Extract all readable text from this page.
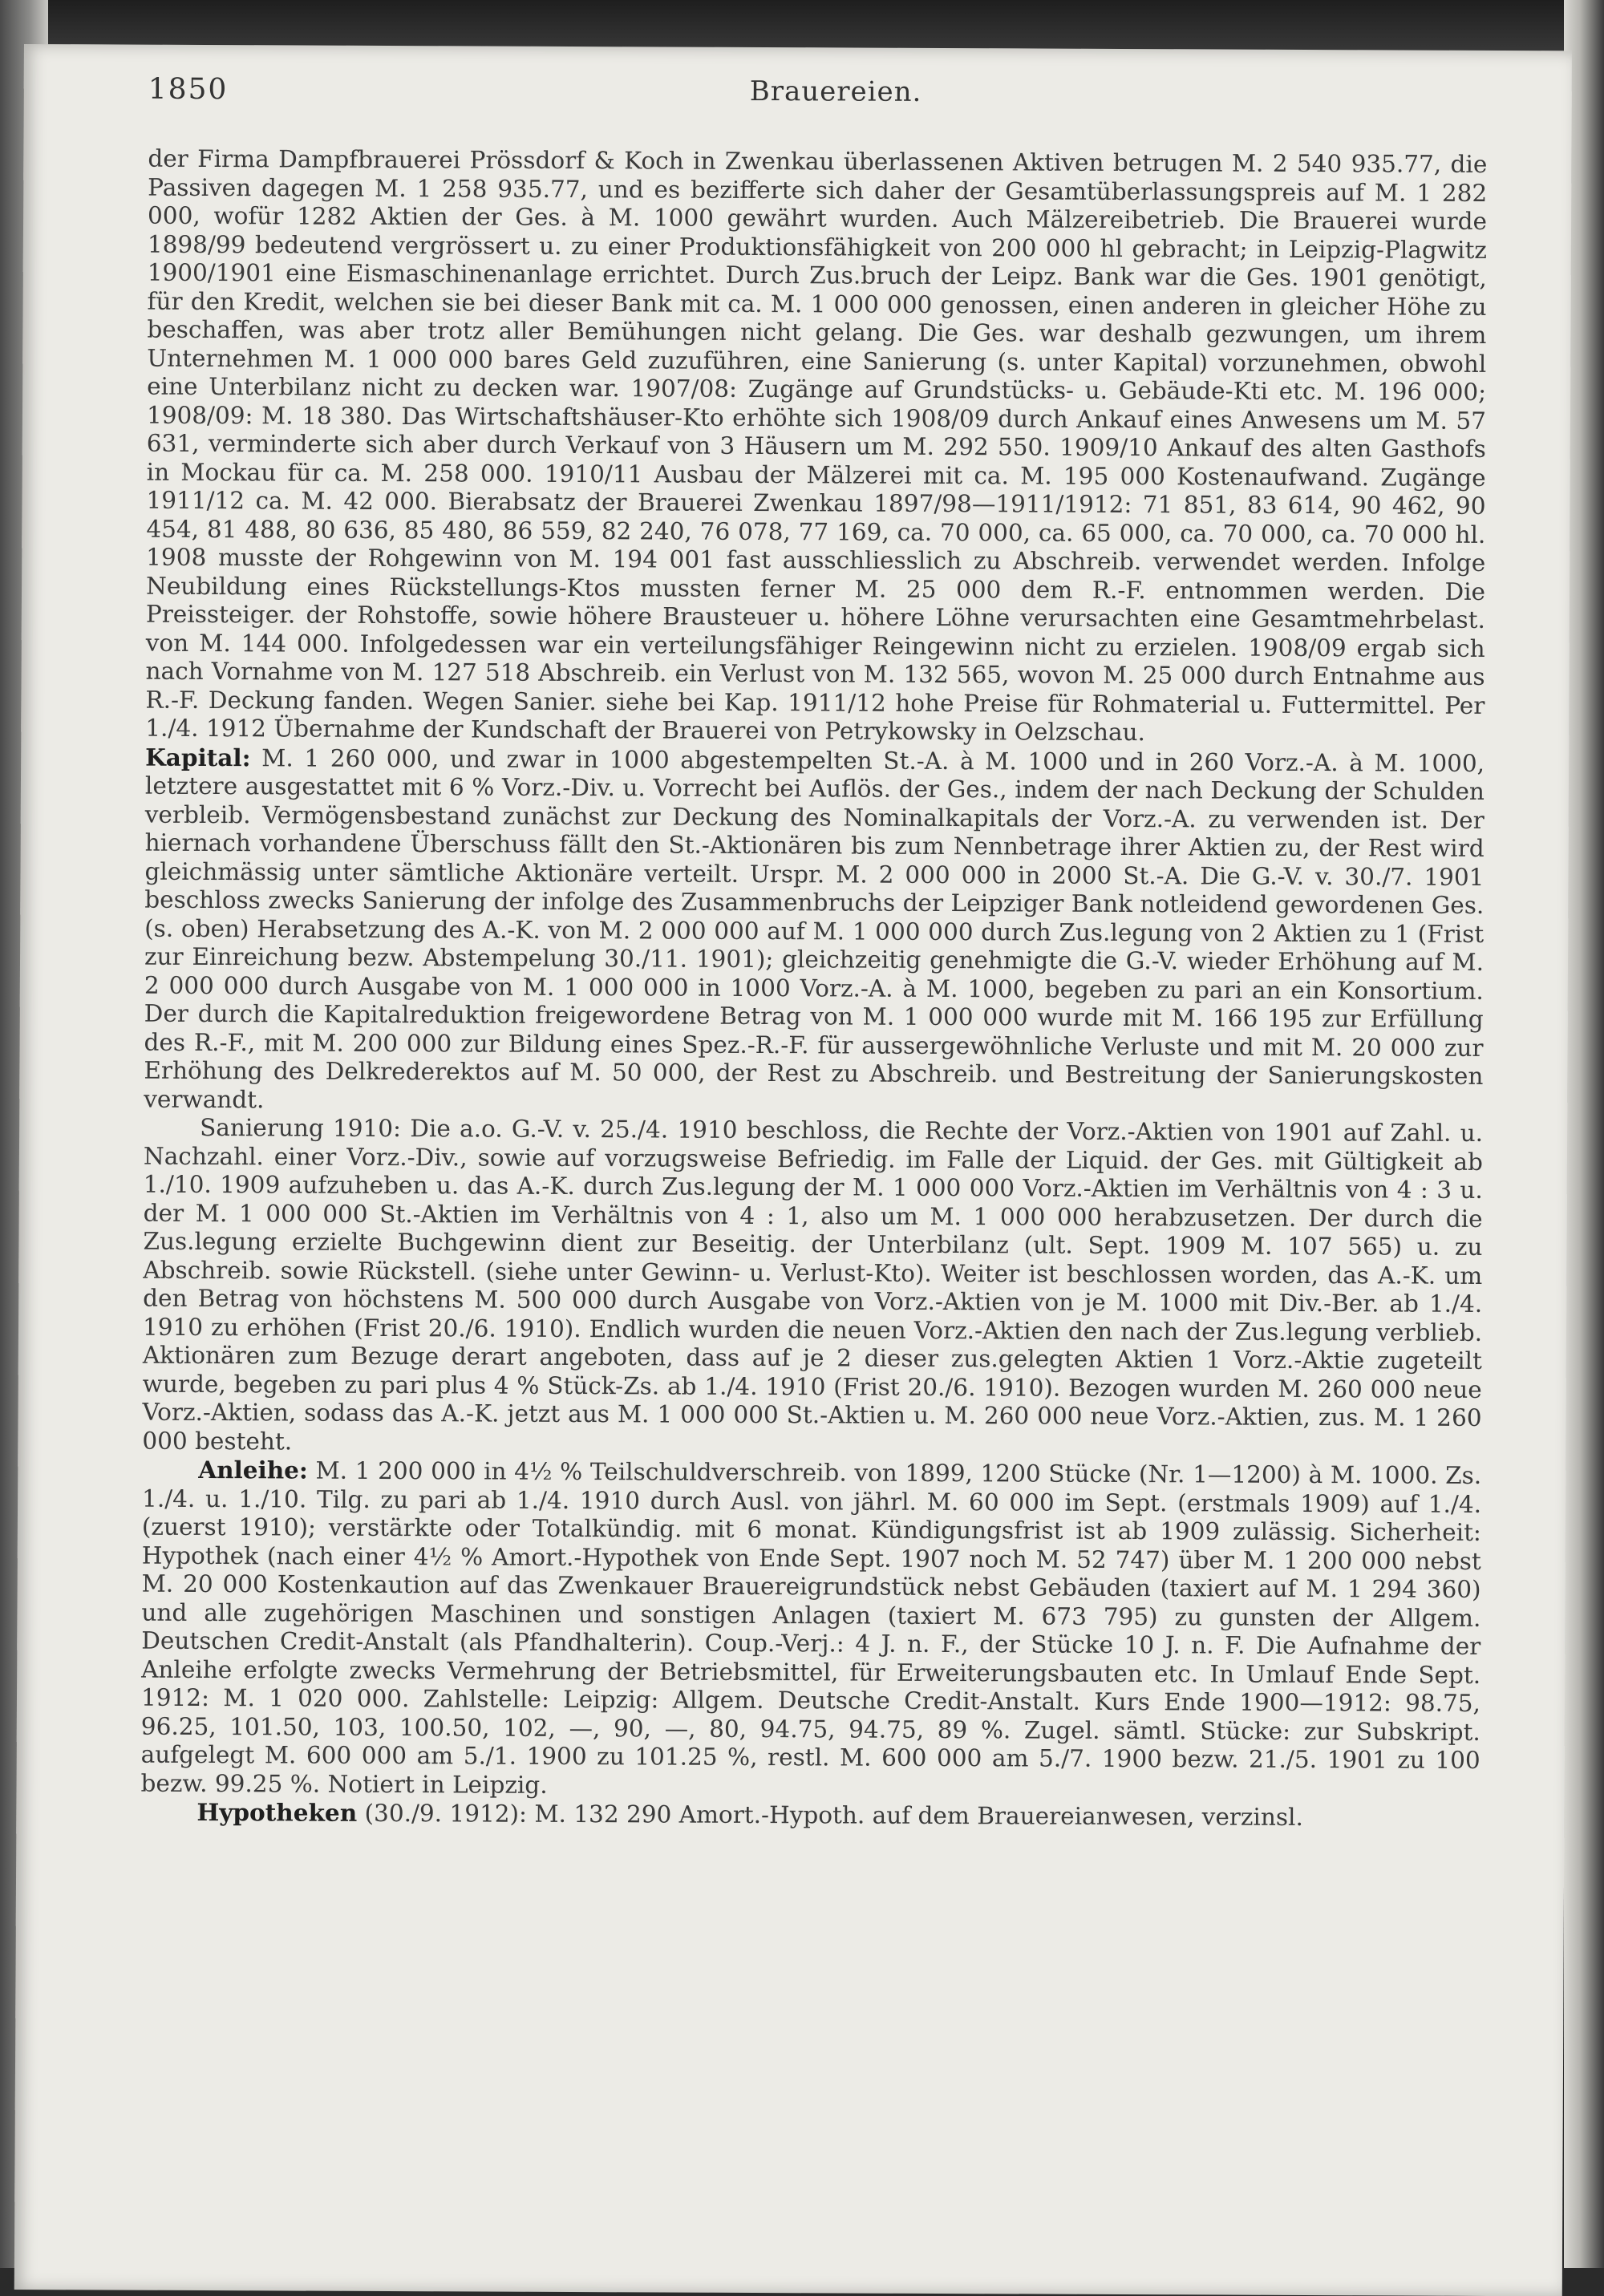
1850	Brauereien.

der Firma Dampfbrauerei Prössdorf & Koch in Zwenkau überlassenen Aktiven betrugen M. 2 540 935.77, die Passiven dagegen M. 1 258 935.77, und es bezifferte sich daher der Gesamtüberlassungspreis auf M. 1 282 000, wofür 1282 Aktien der Ges. à M. 1000 gewährt wurden. Auch Mälzereibetrieb. Die Brauerei wurde 1898/99 bedeutend vergrössert u. zu einer Produktionsfähigkeit von 200 000 hl gebracht; in Leipzig-Plagwitz 1900/1901 eine Eismaschinenanlage errichtet. Durch Zus.bruch der Leipz. Bank war die Ges. 1901 genötigt, für den Kredit, welchen sie bei dieser Bank mit ca. M. 1 000 000 genossen, einen anderen in gleicher Höhe zu beschaffen, was aber trotz aller Bemühungen nicht gelang. Die Ges. war deshalb gezwungen, um ihrem Unternehmen M. 1 000 000 bares Geld zuzuführen, eine Sanierung (s. unter Kapital) vorzunehmen, obwohl eine Unterbilanz nicht zu decken war. 1907/08: Zugänge auf Grundstücks- u. Gebäude-Kti etc. M. 196 000; 1908/09: M. 18 380. Das Wirtschaftshäuser-Kto erhöhte sich 1908/09 durch Ankauf eines Anwesens um M. 57 631, verminderte sich aber durch Verkauf von 3 Häusern um M. 292 550. 1909/10 Ankauf des alten Gasthofs in Mockau für ca. M. 258 000. 1910/11 Ausbau der Mälzerei mit ca. M. 195 000 Kostenaufwand. Zugänge 1911/12 ca. M. 42 000. Bierabsatz der Brauerei Zwenkau 1897/98—1911/1912: 71 851, 83 614, 90 462, 90 454, 81 488, 80 636, 85 480, 86 559, 82 240, 76 078, 77 169, ca. 70 000, ca. 65 000, ca. 70 000, ca. 70 000 hl. 1908 musste der Rohgewinn von M. 194 001 fast ausschliesslich zu Abschreib. verwendet werden. Infolge Neubildung eines Rückstellungs-Ktos mussten ferner M. 25 000 dem R.-F. entnommen werden. Die Preissteiger. der Rohstoffe, sowie höhere Brausteuer u. höhere Löhne verursachten eine Gesamtmehrbelast. von M. 144 000. Infolgedessen war ein verteilungsfähiger Reingewinn nicht zu erzielen. 1908/09 ergab sich nach Vornahme von M. 127 518 Abschreib. ein Verlust von M. 132 565, wovon M. 25 000 durch Entnahme aus R.-F. Deckung fanden. Wegen Sanier. siehe bei Kap. 1911/12 hohe Preise für Rohmaterial u. Futtermittel. Per 1./4. 1912 Übernahme der Kundschaft der Brauerei von Petrykowsky in Oelzschau.

Kapital: M. 1 260 000, und zwar in 1000 abgestempelten St.-A. à M. 1000 und in 260 Vorz.-A. à M. 1000, letztere ausgestattet mit 6 % Vorz.-Div. u. Vorrecht bei Auflös. der Ges., indem der nach Deckung der Schulden verbleib. Vermögensbestand zunächst zur Deckung des Nominalkapitals der Vorz.-A. zu verwenden ist. Der hiernach vorhandene Überschuss fällt den St.-Aktionären bis zum Nennbetrage ihrer Aktien zu, der Rest wird gleichmässig unter sämtliche Aktionäre verteilt. Urspr. M. 2 000 000 in 2000 St.-A. Die G.-V. v. 30./7. 1901 beschloss zwecks Sanierung der infolge des Zusammenbruchs der Leipziger Bank notleidend gewordenen Ges. (s. oben) Herabsetzung des A.-K. von M. 2 000 000 auf M. 1 000 000 durch Zus.legung von 2 Aktien zu 1 (Frist zur Einreichung bezw. Abstempelung 30./11. 1901); gleichzeitig genehmigte die G.-V. wieder Erhöhung auf M. 2 000 000 durch Ausgabe von M. 1 000 000 in 1000 Vorz.-A. à M. 1000, begeben zu pari an ein Konsortium. Der durch die Kapitalreduktion freigewordene Betrag von M. 1 000 000 wurde mit M. 166 195 zur Erfüllung des R.-F., mit M. 200 000 zur Bildung eines Spez.-R.-F. für aussergewöhnliche Verluste und mit M. 20 000 zur Erhöhung des Delkrederektos auf M. 50 000, der Rest zu Abschreib. und Bestreitung der Sanierungskosten verwandt.

Sanierung 1910: Die a.o. G.-V. v. 25./4. 1910 beschloss, die Rechte der Vorz.-Aktien von 1901 auf Zahl. u. Nachzahl. einer Vorz.-Div., sowie auf vorzugsweise Befriedig. im Falle der Liquid. der Ges. mit Gültigkeit ab 1./10. 1909 aufzuheben u. das A.-K. durch Zus.legung der M. 1 000 000 Vorz.-Aktien im Verhältnis von 4 : 3 u. der M. 1 000 000 St.-Aktien im Verhältnis von 4 : 1, also um M. 1 000 000 herabzusetzen. Der durch die Zus.legung erzielte Buchgewinn dient zur Beseitig. der Unterbilanz (ult. Sept. 1909 M. 107 565) u. zu Abschreib. sowie Rückstell. (siehe unter Gewinn- u. Verlust-Kto). Weiter ist beschlossen worden, das A.-K. um den Betrag von höchstens M. 500 000 durch Ausgabe von Vorz.-Aktien von je M. 1000 mit Div.-Ber. ab 1./4. 1910 zu erhöhen (Frist 20./6. 1910). Endlich wurden die neuen Vorz.-Aktien den nach der Zus.legung verblieb. Aktionären zum Bezuge derart angeboten, dass auf je 2 dieser zus.gelegten Aktien 1 Vorz.-Aktie zugeteilt wurde, begeben zu pari plus 4 % Stück-Zs. ab 1./4. 1910 (Frist 20./6. 1910). Bezogen wurden M. 260 000 neue Vorz.-Aktien, sodass das A.-K. jetzt aus M. 1 000 000 St.-Aktien u. M. 260 000 neue Vorz.-Aktien, zus. M. 1 260 000 besteht.

Anleihe: M. 1 200 000 in 4½ % Teilschuldverschreib. von 1899, 1200 Stücke (Nr. 1—1200) à M. 1000. Zs. 1./4. u. 1./10. Tilg. zu pari ab 1./4. 1910 durch Ausl. von jährl. M. 60 000 im Sept. (erstmals 1909) auf 1./4. (zuerst 1910); verstärkte oder Totalkündig. mit 6 monat. Kündigungsfrist ist ab 1909 zulässig. Sicherheit: Hypothek (nach einer 4½ % Amort.-Hypothek von Ende Sept. 1907 noch M. 52 747) über M. 1 200 000 nebst M. 20 000 Kostenkaution auf das Zwenkauer Brauereigrundstück nebst Gebäuden (taxiert auf M. 1 294 360) und alle zugehörigen Maschinen und sonstigen Anlagen (taxiert M. 673 795) zu gunsten der Allgem. Deutschen Credit-Anstalt (als Pfandhalterin). Coup.-Verj.: 4 J. n. F., der Stücke 10 J. n. F. Die Aufnahme der Anleihe erfolgte zwecks Vermehrung der Betriebsmittel, für Erweiterungsbauten etc. In Umlauf Ende Sept. 1912: M. 1 020 000. Zahlstelle: Leipzig: Allgem. Deutsche Credit-Anstalt. Kurs Ende 1900—1912: 98.75, 96.25, 101.50, 103, 100.50, 102, —, 90, —, 80, 94.75, 94.75, 89 %. Zugel. sämtl. Stücke: zur Subskript. aufgelegt M. 600 000 am 5./1. 1900 zu 101.25 %, restl. M. 600 000 am 5./7. 1900 bezw. 21./5. 1901 zu 100 bezw. 99.25 %. Notiert in Leipzig.

Hypotheken (30./9. 1912): M. 132 290 Amort.-Hypoth. auf dem Brauereianwesen, verzinsl.
